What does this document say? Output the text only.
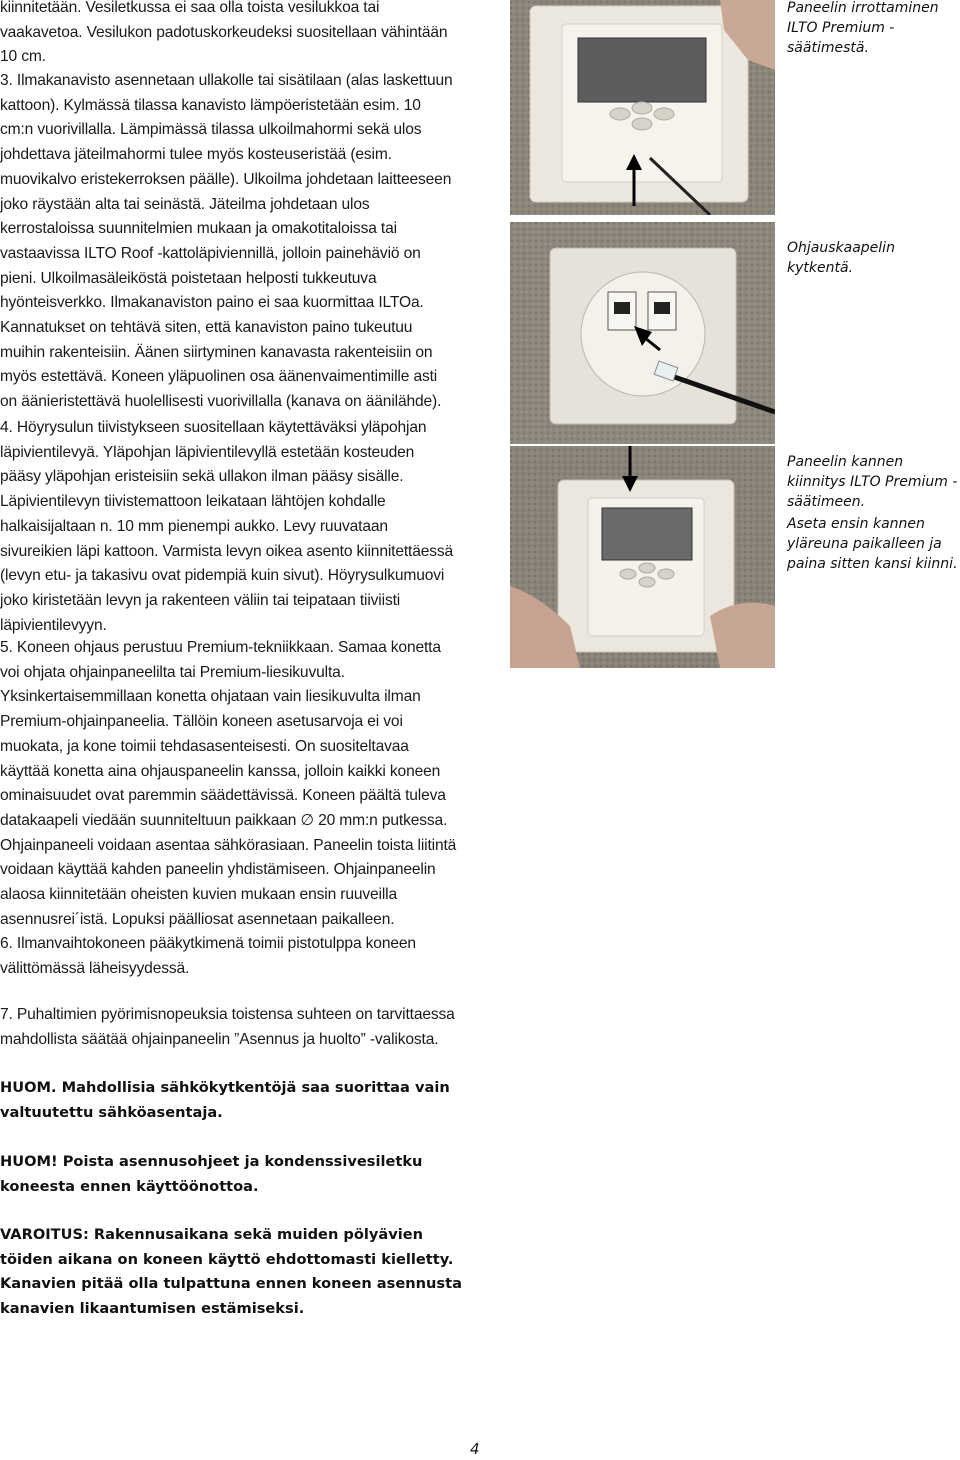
kiinnitetään. Vesiletkussa ei saa olla toista vesilukkoa tai vaakavetoa. Vesilukon padotuskorkeudeksi suositellaan vähintään 10 cm.

3. Ilmakanavisto asennetaan ullakolle tai sisätilaan (alas laskettuun kattoon). Kylmässä tilassa kanavisto lämpöeristetään esim. 10 cm:n vuorivillalla. Lämpimässä tilassa ulkoilmahormi sekä ulos johdettava jäteilmahormi tulee myös kosteuseristää (esim. muovikalvo eristekerroksen päälle). Ulkoilma johdetaan laitteeseen joko räystään alta tai seinästä. Jäteilma johdetaan ulos kerrostaloissa suunnitelmien mukaan ja omakotitaloissa tai vastaavissa ILTO Roof -kattoläpiviennillä, jolloin painehäviö on pieni. Ulkoilmasäleiköstä poistetaan helposti tukkeutuva hyönteisverkko. Ilmakanaviston paino ei saa kuormittaa ILTOa. Kannatukset on tehtävä siten, että kanaviston paino tukeutuu muihin rakenteisiin. Äänen siirtyminen kanavasta rakenteisiin on myös estettävä. Koneen yläpuolinen osa äänenvaimentimille asti on äänieristettävä huolellisesti vuorivillalla (kanava on äänilähde).

4. Höyrysulun tiivistykseen suositellaan käytettäväksi yläpohjan läpivientilevyä. Yläpohjan läpivientilevyllä estetään kosteuden pääsy yläpohjan eristeisiin sekä ullakon ilman pääsy sisälle. Läpivientilevyn tiivistemattoon leikataan lähtöjen kohdalle halkaisijaltaan n. 10 mm pienempi aukko. Levy ruuvataan sivureikien läpi kattoon. Varmista levyn oikea asento kiinnitettäessä (levyn etu- ja takasivu ovat pidempiä kuin sivut). Höyrysulkumuovi joko kiristetään levyn ja rakenteen väliin tai teipataan tiiviisti läpivientilevyyn.

5. Koneen ohjaus perustuu Premium-tekniikkaan. Samaa konetta voi ohjata ohjainpaneelilta tai Premium-liesikuvulta. Yksinkertaisemmillaan konetta ohjataan vain liesikuvulta ilman Premium-ohjainpaneelia. Tällöin koneen asetusarvoja ei voi muokata, ja kone toimii tehdasasenteisesti. On suositeltavaa käyttää konetta aina ohjauspaneelin kanssa, jolloin kaikki koneen ominaisuudet ovat paremmin säädettävissä. Koneen päältä tuleva datakaapeli viedään suunniteltuun paikkaan ∅ 20 mm:n putkessa. Ohjainpaneeli voidaan asentaa sähkörasiaan. Paneelin toista liitintä voidaan käyttää kahden paneelin yhdistämiseen. Ohjainpaneelin alaosa kiinnitetään oheisten kuvien mukaan ensin ruuveilla asennusrei´istä. Lopuksi päälliosat asennetaan paikalleen.

6. Ilmanvaihtokoneen pääkytkimenä toimii pistotulppa koneen välittömässä läheisyydessä.

7. Puhaltimien pyörimisnopeuksia toistensa suhteen on tarvittaessa mahdollista säätää ohjainpaneelin ”Asennus ja huolto” -valikosta.

HUOM. Mahdollisia sähkökytkentöjä saa suorittaa vain valtuutettu sähköasentaja.

HUOM! Poista asennusohjeet ja kondenssivesiletku koneesta ennen käyttöönottoa.

VAROITUS: Rakennusaikana sekä muiden pölyävien töiden aikana on koneen käyttö ehdottomasti kielletty. Kanavien pitää olla tulpattuna ennen koneen asennusta kanavien likaantumisen estämiseksi.

Paneelin irrottaminen ILTO Premium -säätimestä.

Ohjauskaapelin kytkentä.

Paneelin kannen kiinnitys ILTO Premium -säätimeen.

Aseta ensin kannen yläreuna paikalleen ja paina sitten kansi kiinni.

4
